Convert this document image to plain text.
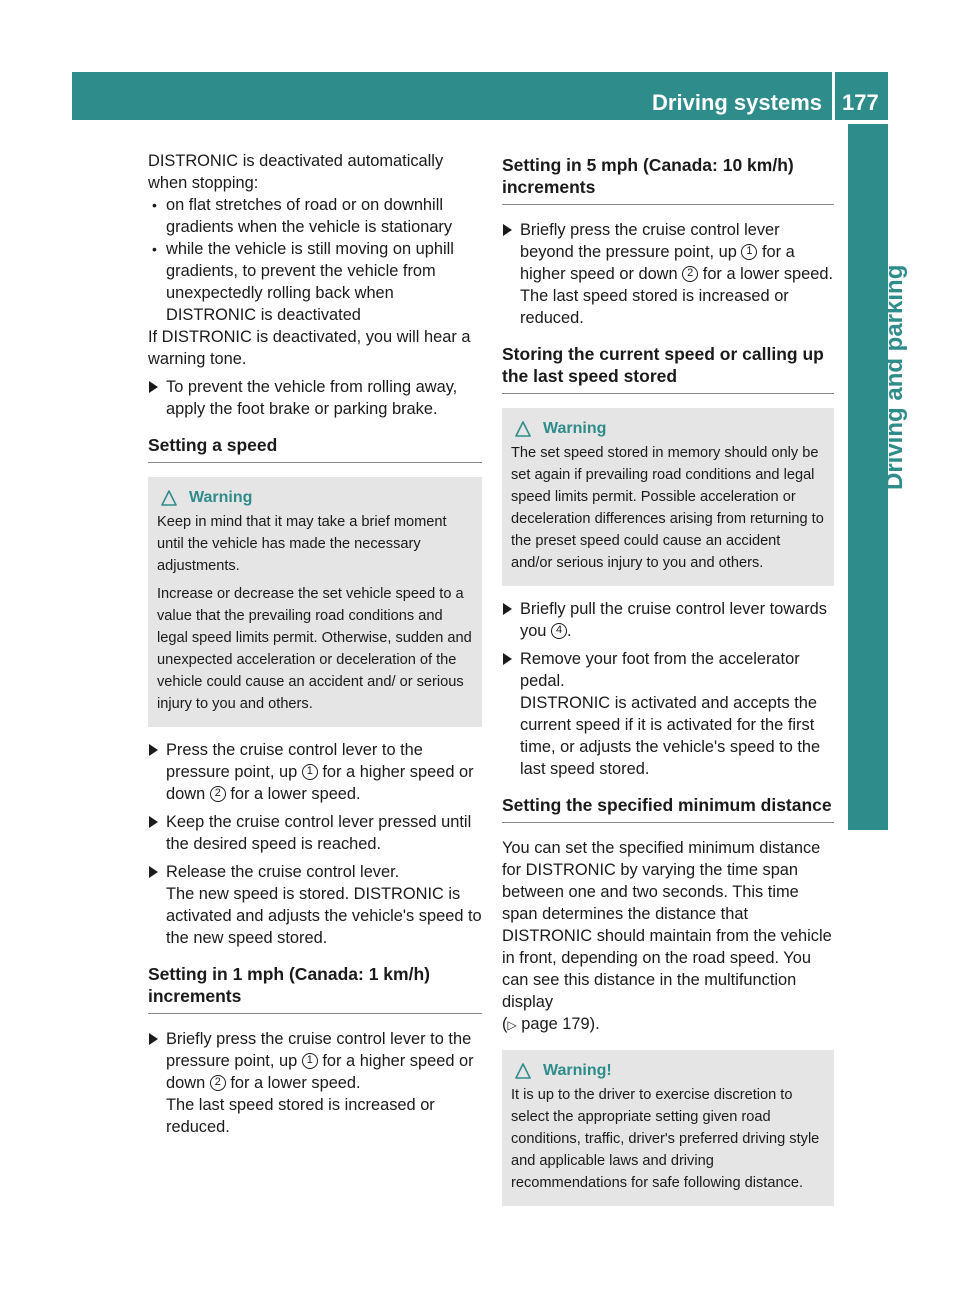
Driving systems 177
Driving and parking

DISTRONIC is deactivated automatically when stopping:

• on flat stretches of road or on downhill gradients when the vehicle is stationary
• while the vehicle is still moving on uphill gradients, to prevent the vehicle from unexpectedly rolling back when DISTRONIC is deactivated

If DISTRONIC is deactivated, you will hear a warning tone.

To prevent the vehicle from rolling away, apply the foot brake or parking brake.
Setting a speed
Warning

Keep in mind that it may take a brief moment until the vehicle has made the necessary adjustments.

Increase or decrease the set vehicle speed to a value that the prevailing road conditions and legal speed limits permit. Otherwise, sudden and unexpected acceleration or deceleration of the vehicle could cause an accident and/ or serious injury to you and others.

Press the cruise control lever to the pressure point, up 1 for a higher speed or down 2 for a lower speed.
Keep the cruise control lever pressed until the desired speed is reached.
Release the cruise control lever.
The new speed is stored. DISTRONIC is activated and adjusts the vehicle's speed to the new speed stored.
Setting in 1 mph (Canada: 1 km/h) increments
Briefly press the cruise control lever to the pressure point, up 1 for a higher speed or down 2 for a lower speed.
The last speed stored is increased or reduced.
Setting in 5 mph (Canada: 10 km/h) increments
Briefly press the cruise control lever beyond the pressure point, up 1 for a higher speed or down 2 for a lower speed.
The last speed stored is increased or reduced.
Storing the current speed or calling up the last speed stored
Warning

The set speed stored in memory should only be set again if prevailing road conditions and legal speed limits permit. Possible acceleration or deceleration differences arising from returning to the preset speed could cause an accident and/or serious injury to you and others.

Briefly pull the cruise control lever towards you 4 .
Remove your foot from the accelerator pedal.
DISTRONIC is activated and accepts the current speed if it is activated for the first time, or adjusts the vehicle's speed to the last speed stored.
Setting the specified minimum distance

You can set the specified minimum distance for DISTRONIC by varying the time span between one and two seconds. This time span determines the distance that DISTRONIC should maintain from the vehicle in front, depending on the road speed. You can see this distance in the multifunction display
(▷ page 179).

Warning!

It is up to the driver to exercise discretion to select the appropriate setting given road conditions, traffic, driver's preferred driving style and applicable laws and driving recommendations for safe following distance.
